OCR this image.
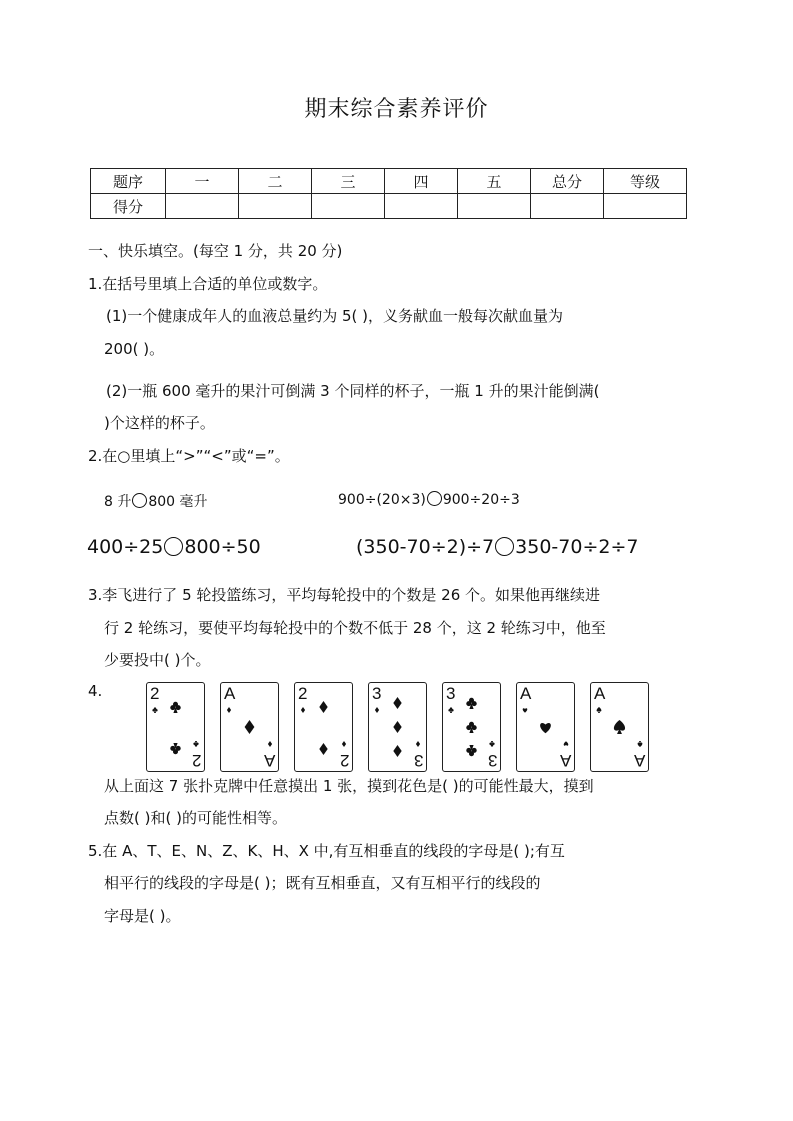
期末综合素养评价
题序	一	二	三	四	五	总分	等级
得分							
一、快乐填空。(每空 1 分，共 20 分)
1.在括号里填上合适的单位或数字。
(1)一个健康成年人的血液总量约为 5( )，义务献血一般每次献血量为
200( )。
(2)一瓶 600 毫升的果汁可倒满 3 个同样的杯子，一瓶 1 升的果汁能倒满(
)个这样的杯子。
2.在○里填上“>”“<”或“=”。
8 升 800 毫升	900÷(20×3) 900÷20÷3
400÷25 800÷50	(350-70÷2)÷7 350-70÷2÷7
3.李飞进行了 5 轮投篮练习，平均每轮投中的个数是 26 个。如果他再继续进
行 2 轮练习，要使平均每轮投中的个数不低于 28 个，这 2 轮练习中，他至
少要投中( )个。
4.	2
2
A
A
2
2
3
3
3
3
A
A
A
A
从上面这 7 张扑克牌中任意摸出 1 张，摸到花色是( )的可能性最大，摸到
点数( )和( )的可能性相等。
5.在 A、T、E、N、Z、K、H、X 中,有互相垂直的线段的字母是( );有互
相平行的线段的字母是( )；既有互相垂直，又有互相平行的线段的
字母是( )。
